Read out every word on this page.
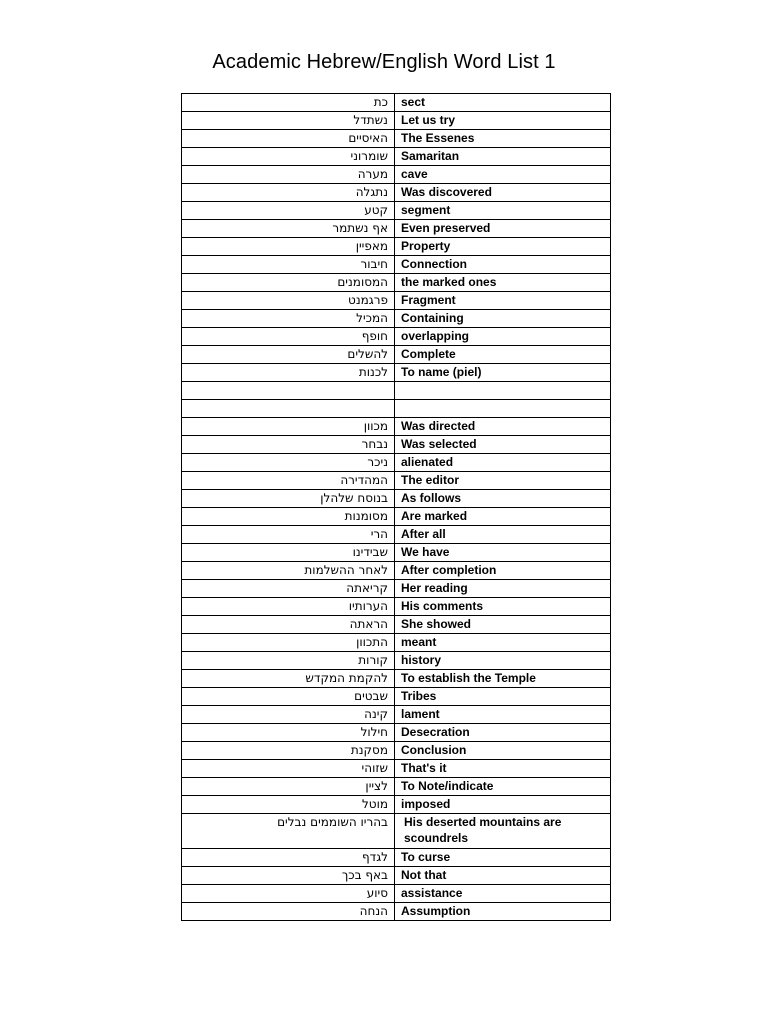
Academic Hebrew/English Word List 1
כת	sect
נשתדל	Let us try
האיסיים	The Essenes
שומרוני	Samaritan
מערה	cave
נתגלה	Was discovered
קטע	segment
אף נשתמר	Even preserved
מאפיין	Property
חיבור	Connection
המסומנים	the marked ones
פרגמנט	Fragment
המכיל	Containing
חופף	overlapping
להשלים	Complete
לכנות	To name (piel)

מכוון	Was directed
נבחר	Was selected
ניכר	alienated
המהדירה	The editor
בנוסח שלהלן	As follows
מסומנות	Are marked
הרי	After all
שבידינו	We have
לאחר ההשלמות	After completion
קריאתה	Her reading
הערותיו	His comments
הראתה	She showed
התכוון	meant
קורות	history
להקמת המקדש	To establish the Temple
שבטים	Tribes
קינה	lament
חילול	Desecration
מסקנת	Conclusion
שזוהי	That's it
לציין	To Note/indicate
מוטל	imposed
בהריו השוממים נבלים	His deserted mountains are scoundrels
לגדף	To curse
באף בכך	Not that
סיוע	assistance
הנחה	Assumption
